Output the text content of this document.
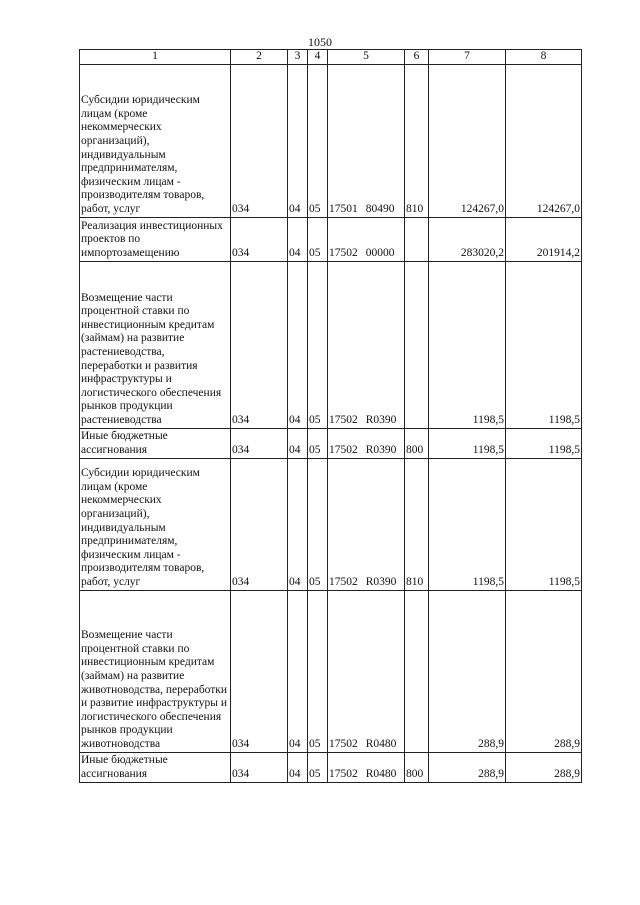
1050
1	2	3	4	5	6	7	8
Субсидии юридическим лицам (кроме некоммерческих организаций), индивидуальным предпринимателям, физическим лицам - производителям товаров, работ, услуг	034	04	05	17501 80490	810	124267,0	124267,0
Реализация инвестиционных проектов по импортозамещению	034	04	05	17502 00000		283020,2	201914,2
Возмещение части процентной ставки по инвестиционным кредитам (займам) на развитие растениеводства, переработки и развития инфраструктуры и логистического обеспечения рынков продукции растениеводства	034	04	05	17502 R0390		1198,5	1198,5
Иные бюджетные ассигнования	034	04	05	17502 R0390	800	1198,5	1198,5
Субсидии юридическим лицам (кроме некоммерческих организаций), индивидуальным предпринимателям, физическим лицам - производителям товаров, работ, услуг	034	04	05	17502 R0390	810	1198,5	1198,5
Возмещение части процентной ставки по инвестиционным кредитам (займам) на развитие животноводства, переработки и развитие инфраструктуры и логистического обеспечения рынков продукции животноводства	034	04	05	17502 R0480		288,9	288,9
Иные бюджетные ассигнования	034	04	05	17502 R0480	800	288,9	288,9
